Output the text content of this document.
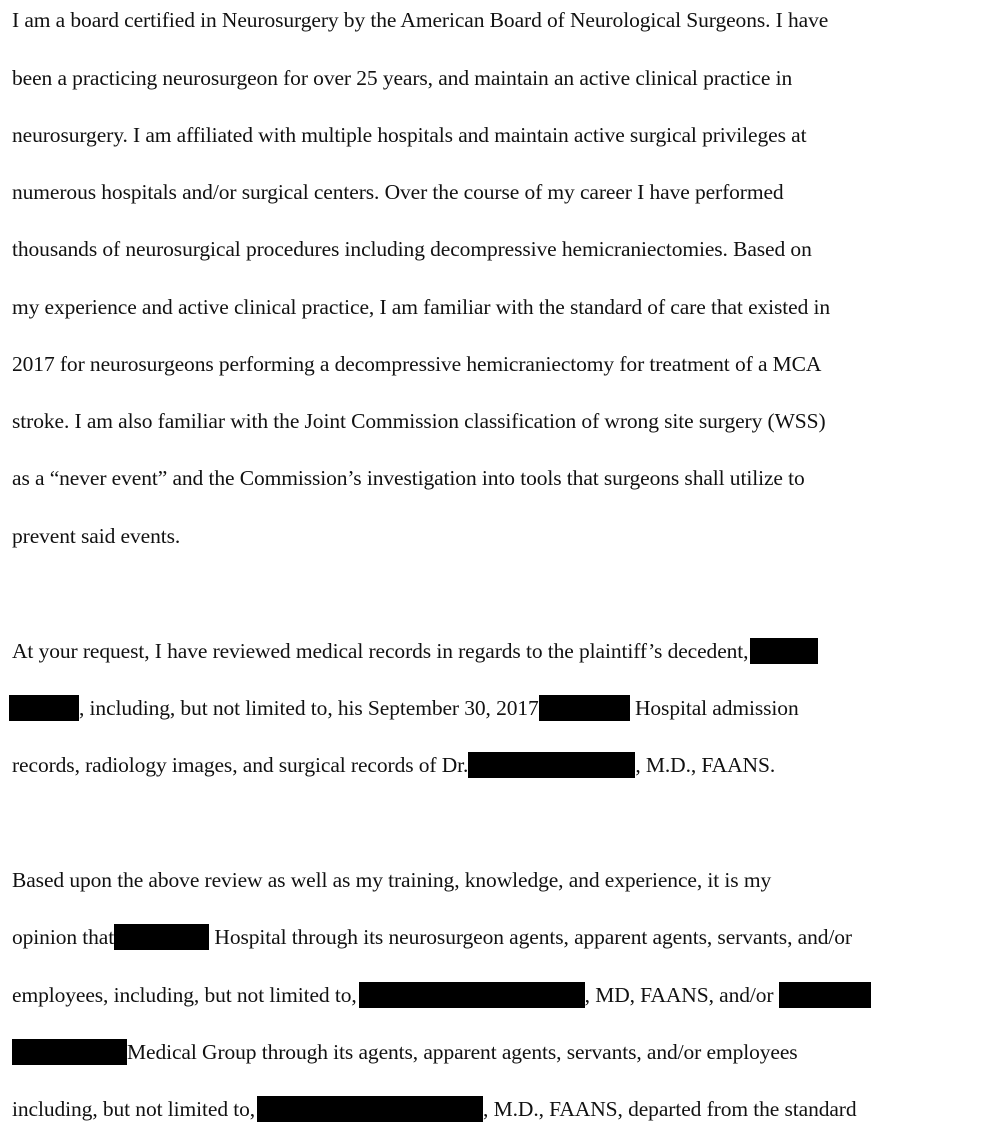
I am a board certified in Neurosurgery by the American Board of Neurological Surgeons. I have
been a practicing neurosurgeon for over 25 years, and maintain an active clinical practice in
neurosurgery. I am affiliated with multiple hospitals and maintain active surgical privileges at
numerous hospitals and/or surgical centers. Over the course of my career I have performed
thousands of neurosurgical procedures including decompressive hemicraniectomies. Based on
my experience and active clinical practice, I am familiar with the standard of care that existed in
2017 for neurosurgeons performing a decompressive hemicraniectomy for treatment of a MCA
stroke. I am also familiar with the Joint Commission classification of wrong site surgery (WSS)
as a “never event” and the Commission’s investigation into tools that surgeons shall utilize to
prevent said events.
At your request, I have reviewed medical records in regards to the plaintiff’s decedent,
, including, but not limited to, his September 30, 2017	Hospital admission
records, radiology images, and surgical records of Dr.	, M.D., FAANS.
Based upon the above review as well as my training, knowledge, and experience, it is my
opinion that	Hospital through its neurosurgeon agents, apparent agents, servants, and/or
employees, including, but not limited to,	, MD, FAANS, and/or
Medical Group through its agents, apparent agents, servants, and/or employees
including, but not limited to,	, M.D., FAANS, departed from the standard
